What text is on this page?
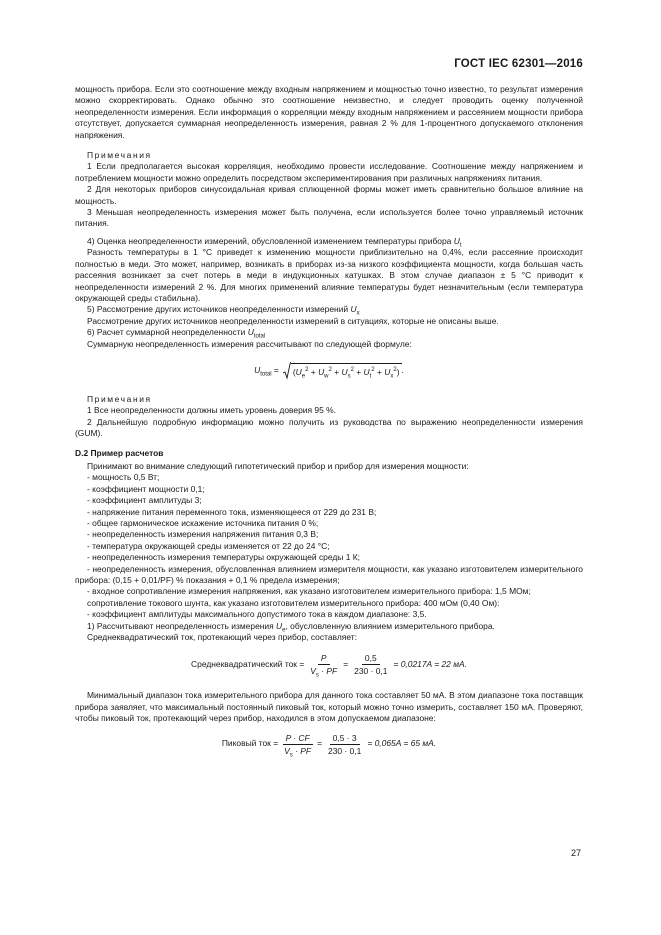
ГОСТ IEC 62301—2016

мощность прибора. Если это соотношение между входным напряжением и мощностью точно известно, то результат измерения можно скорректировать. Однако обычно это соотношение неизвестно, и следует проводить оценку полученной неопределенности измерения. Если информация о корреляции между входным напряжением и рассеянием мощности прибора отсутствует, допускается суммарная неопределенность измерения, равная 2 % для 1-процентного допускаемого отклонения напряжения.

Примечания

1 Если предполагается высокая корреляция, необходимо провести исследование. Соотношение между напряжением и потреблением мощности можно определить посредством экспериментирования при различных напряжениях питания.

2 Для некоторых приборов синусоидальная кривая сплющенной формы может иметь сравнительно большое влияние на мощность.

3 Меньшая неопределенность измерения может быть получена, если используется более точно управляемый источник питания.

4) Оценка неопределенности измерений, обусловленной изменением температуры прибора $U_t$

Разность температуры в 1 °C приведет к изменению мощности приблизительно на 0,4%, если рассеяние происходит полностью в меди. Это может, например, возникать в приборах из-за низкого коэффициента мощности, когда большая часть рассеяния возникает за счет потерь в меди в индукционных катушках. В этом случае диапазон ± 5 °C приводит к неопределенности измерений 2 %. Для многих применений влияние температуры будет незначительным (если температура окружающей среды стабильна).

5) Рассмотрение других источников неопределенности измерений $U_x$

Рассмотрение других источников неопределенности измерений в ситуациях, которые не описаны выше.

6) Расчет суммарной неопределенности $U_{total}$

Суммарную неопределенность измерения рассчитывают по следующей формуле:

$U_{total} = (U_e^2 + U_w^2 + U_s^2 + U_t^2 + U_x^2)$ .

Примечания

1 Все неопределенности должны иметь уровень доверия 95 %.

2 Дальнейшую подробную информацию можно получить из руководства по выражению неопределенности измерения (GUM).

D.2 Пример расчетов

Принимают во внимание следующий гипотетический прибор и прибор для измерения мощности:

- мощность 0,5 Вт;

- коэффициент мощности 0,1;

- коэффициент амплитуды 3;

- напряжение питания переменного тока, изменяющееся от 229 до 231 В;

- общее гармоническое искажение источника питания 0 %;

- неопределенность измерения напряжения питания 0,3 В;

- температура окружающей среды изменяется от 22 до 24 °C;

- неопределенность измерения температуры окружающей среды 1 К;

- неопределенность измерения, обусловленная влиянием измерителя мощности, как указано изготовителем измерительного прибора: (0,15 + 0,01/PF) % показания + 0,1 % предела измерения;

- входное сопротивление измерения напряжения, как указано изготовителем измерительного прибора: 1,5 МОм;

сопротивление токового шунта, как указано изготовителем измерительного прибора: 400 мОм (0,40 Ом):

- коэффициент амплитуды максимального допустимого тока в каждом диапазоне: 3,5.

1) Рассчитывают неопределенность измерения $U_e$, обусловленную влиянием измерительного прибора.

Среднеквадратический ток, протекающий через прибор, составляет:

Среднеквадратический ток = $\frac{P}{V_s \cdot PF} = \frac{0,5}{230 \cdot 0,1} = 0,0217A = 22$ мА.

Минимальный диапазон тока измерительного прибора для данного тока составляет 50 мА. В этом диапазоне тока поставщик прибора заявляет, что максимальный постоянный пиковый ток, который можно точно измерить, составляет 150 мА. Проверяют, чтобы пиковый ток, протекающий через прибор, находился в этом допускаемом диапазоне:

Пиковый ток = $\frac{P \cdot CF}{V_s \cdot PF} = \frac{0,5 \cdot 3}{230 \cdot 0,1} = 0,065A = 65$ мА.
27
